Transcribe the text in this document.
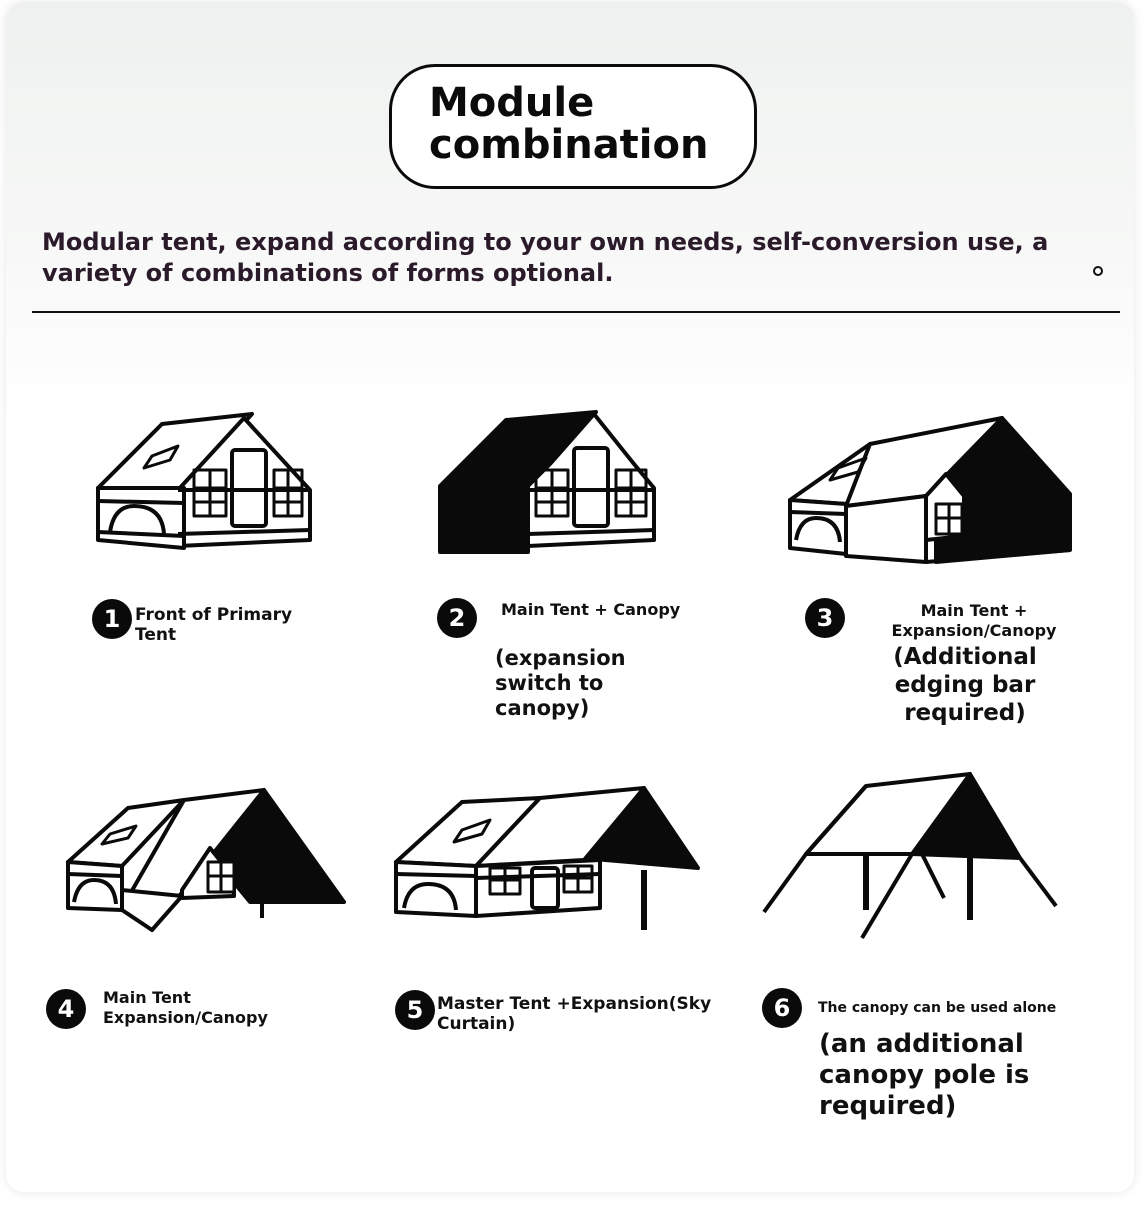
Module combination

Modular tent, expand according to your own needs, self-conversion use, a variety of combinations of forms optional.

1 Front of Primary Tent

2	Main Tent + Canopy

(expansion switch to canopy)

3	Main Tent + Expansion/Canopy

(Additional edging bar required)

4	Main Tent Expansion/Canopy	5 Master Tent +Expansion(Sky Curtain)

6	The canopy can be used alone

(an additional canopy pole is required)
